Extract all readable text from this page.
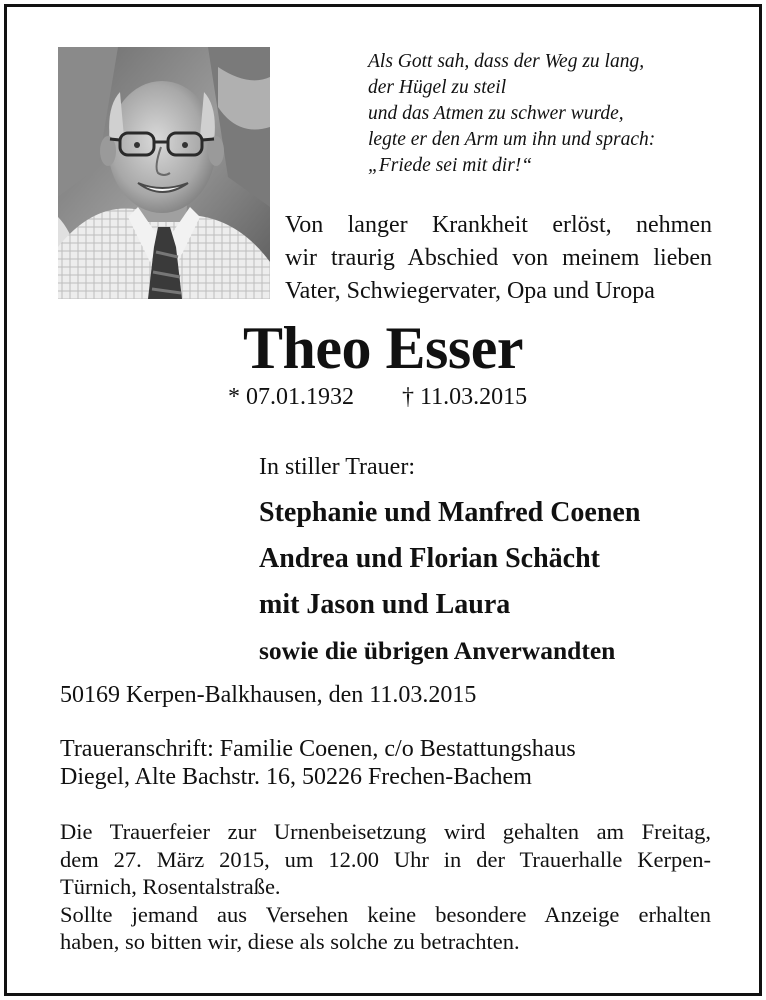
Als Gott sah, dass der Weg zu lang,
der Hügel zu steil
und das Atmen zu schwer wurde,
legte er den Arm um ihn und sprach:
„Friede sei mit dir!“
Von langer Krankheit erlöst, nehmen
wir traurig Abschied von meinem lieben
Vater, Schwiegervater, Opa und Uropa
Theo Esser
* 07.01.1932 † 11.03.2015
In stiller Trauer:
Stephanie und Manfred Coenen
Andrea und Florian Schächt
mit Jason und Laura
sowie die übrigen Anverwandten
50169 Kerpen-Balkhausen, den 11.03.2015
Traueranschrift: Familie Coenen, c/o Bestattungshaus
Diegel, Alte Bachstr. 16, 50226 Frechen-Bachem
Die Trauerfeier zur Urnenbeisetzung wird gehalten am Freitag,
dem 27. März 2015, um 12.00 Uhr in der Trauerhalle Kerpen-
Türnich, Rosentalstraße.
Sollte jemand aus Versehen keine besondere Anzeige erhalten
haben, so bitten wir, diese als solche zu betrachten.
